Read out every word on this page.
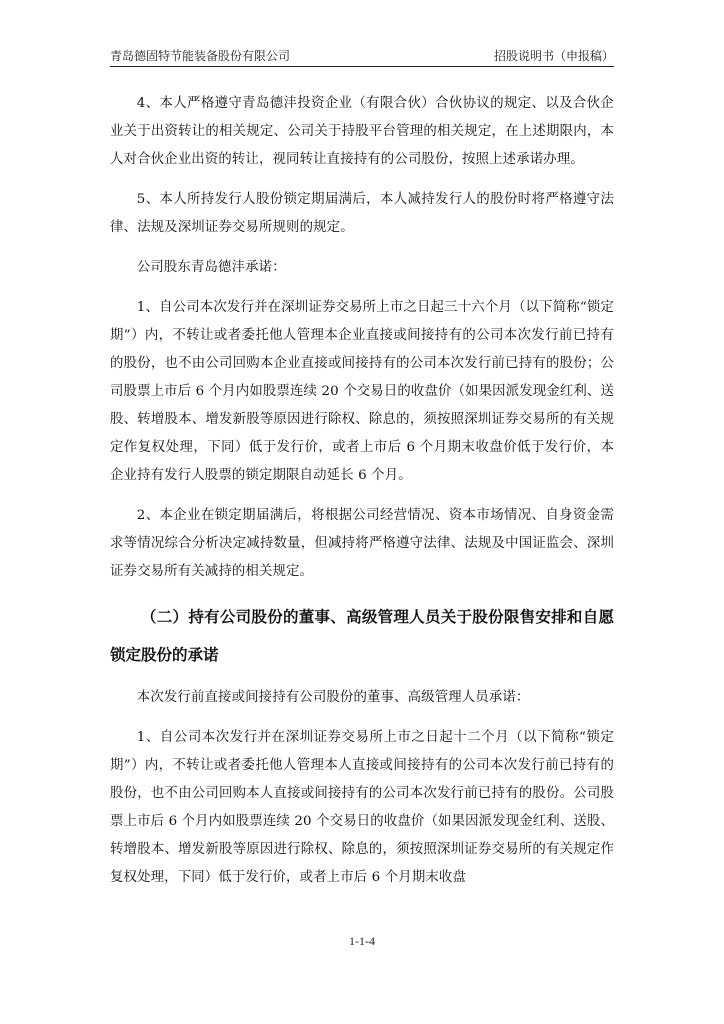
青岛德固特节能装备股份有限公司	招股说明书（申报稿）

4、本人严格遵守青岛德沣投资企业（有限合伙）合伙协议的规定、以及合伙企业关于出资转让的相关规定、公司关于持股平台管理的相关规定，在上述期限内，本人对合伙企业出资的转让，视同转让直接持有的公司股份，按照上述承诺办理。

5、本人所持发行人股份锁定期届满后，本人减持发行人的股份时将严格遵守法律、法规及深圳证券交易所规则的规定。

公司股东青岛德沣承诺：

1、自公司本次发行并在深圳证券交易所上市之日起三十六个月（以下简称“锁定期”）内，不转让或者委托他人管理本企业直接或间接持有的公司本次发行前已持有的股份，也不由公司回购本企业直接或间接持有的公司本次发行前已持有的股份；公司股票上市后 6 个月内如股票连续 20 个交易日的收盘价（如果因派发现金红利、送股、转增股本、增发新股等原因进行除权、除息的，须按照深圳证券交易所的有关规定作复权处理，下同）低于发行价，或者上市后 6 个月期末收盘价低于发行价，本企业持有发行人股票的锁定期限自动延长 6 个月。

2、本企业在锁定期届满后，将根据公司经营情况、资本市场情况、自身资金需求等情况综合分析决定减持数量，但减持将严格遵守法律、法规及中国证监会、深圳证券交易所有关减持的相关规定。

（二）持有公司股份的董事、高级管理人员关于股份限售安排和自愿锁定股份的承诺

本次发行前直接或间接持有公司股份的董事、高级管理人员承诺：

1、自公司本次发行并在深圳证券交易所上市之日起十二个月（以下简称“锁定期”）内，不转让或者委托他人管理本人直接或间接持有的公司本次发行前已持有的股份，也不由公司回购本人直接或间接持有的公司本次发行前已持有的股份。公司股票上市后 6 个月内如股票连续 20 个交易日的收盘价（如果因派发现金红利、送股、转增股本、增发新股等原因进行除权、除息的，须按照深圳证券交易所的有关规定作复权处理，下同）低于发行价，或者上市后 6 个月期末收盘

1-1-4
